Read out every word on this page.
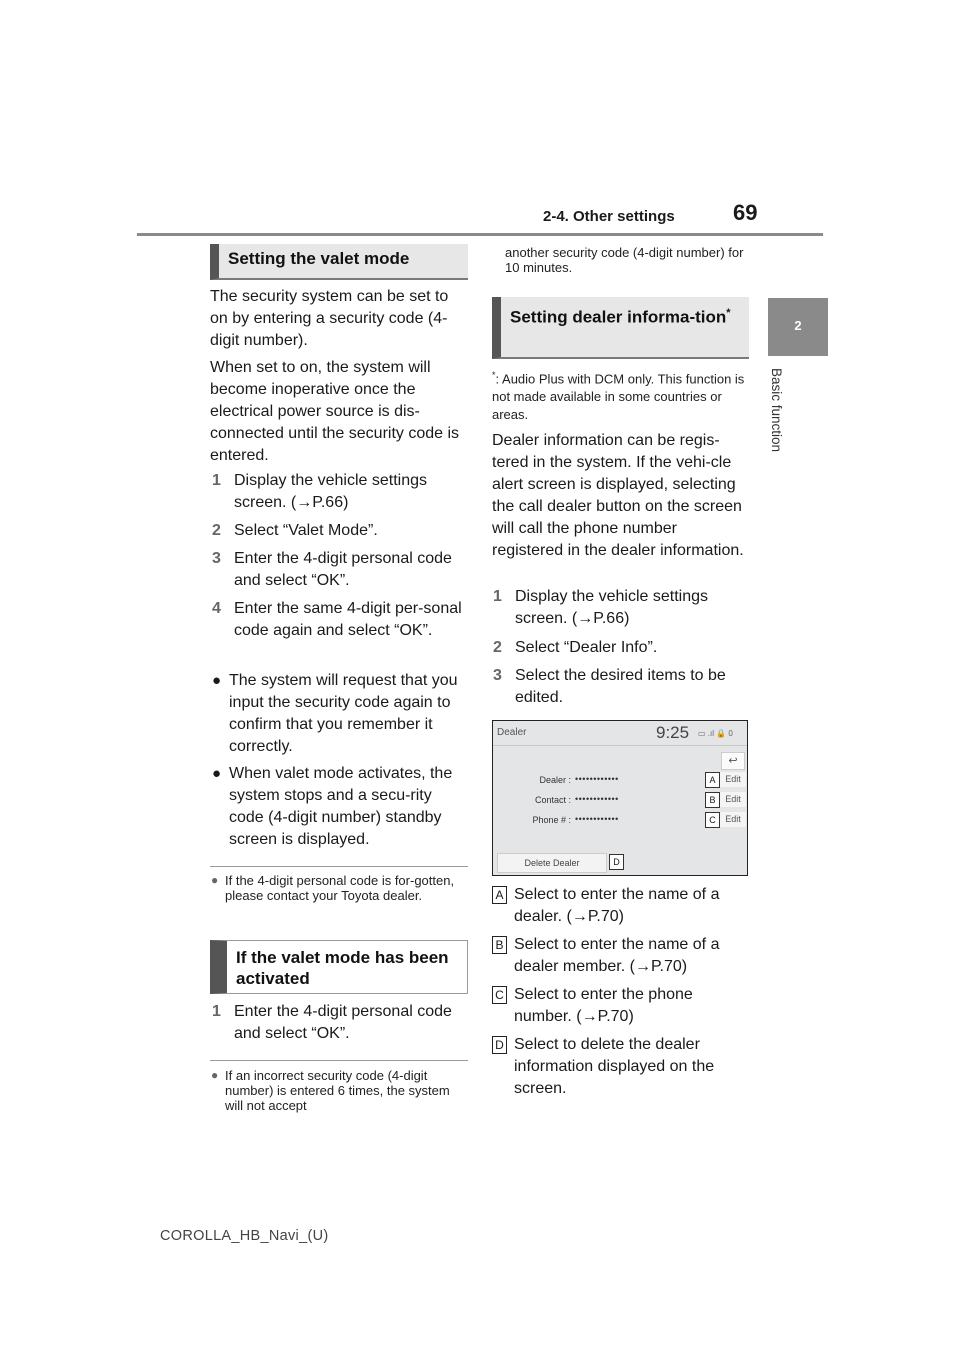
2-4. Other settings	69
2
Basic function
Setting the valet mode
The security system can be set to on by entering a security code (4-digit number).
When set to on, the system will become inoperative once the electrical power source is dis-connected until the security code is entered.
1 Display the vehicle settings screen. (→P.66)
2 Select “Valet Mode”.
3 Enter the 4-digit personal code and select “OK”.
4 Enter the same 4-digit per-sonal code again and select “OK”.
● The system will request that you input the security code again to confirm that you remember it correctly.
● When valet mode activates, the system stops and a secu-rity code (4-digit number) standby screen is displayed.
● If the 4-digit personal code is for-gotten, please contact your Toyota dealer.
If the valet mode has been activated
1 Enter the 4-digit personal code and select “OK”.
● If an incorrect security code (4-digit number) is entered 6 times, the system will not accept
another security code (4-digit number) for 10 minutes.
Setting dealer informa-tion*
*: Audio Plus with DCM only. This function is not made available in some countries or areas.
Dealer information can be regis-tered in the system. If the vehi-cle alert screen is displayed, selecting the call dealer button on the screen will call the phone number registered in the dealer information.
1 Display the vehicle settings screen. (→P.66)
2 Select “Dealer Info”.
3 Select the desired items to be edited.
Dealer	9:25 ▭ .ıl 🔒 0
↩
Dealer : ••••••••••••	A	Edit
Contact : ••••••••••••	B	Edit
Phone # : ••••••••••••	C	Edit
Delete Dealer	D
A Select to enter the name of a dealer. (→P.70)
B Select to enter the name of a dealer member. (→P.70)
C Select to enter the phone number. (→P.70)
D Select to delete the dealer information displayed on the screen.
COROLLA_HB_Navi_(U)
